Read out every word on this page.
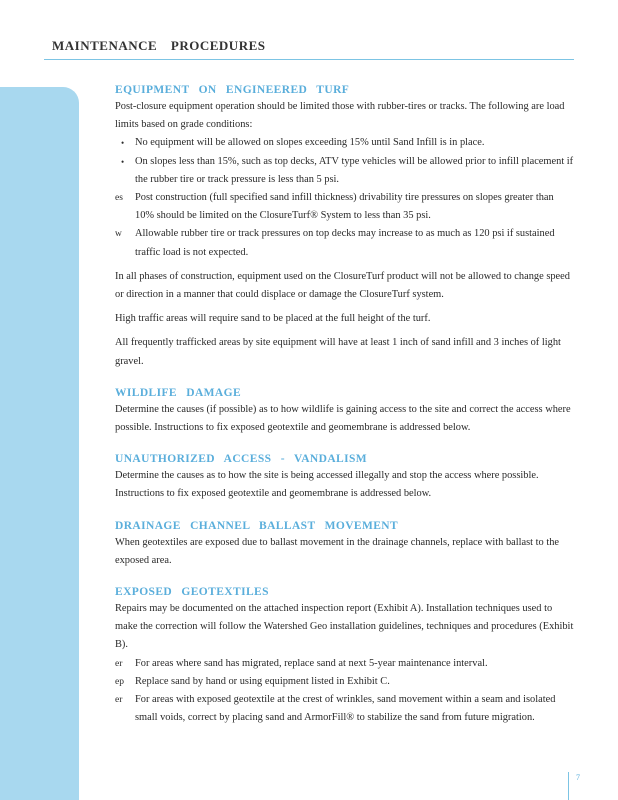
MAINTENANCE PROCEDURES
EQUIPMENT ON ENGINEERED TURF

Post-closure equipment operation should be limited those with rubber-tires or tracks. The following are load limits based on grade conditions:

• No equipment will be allowed on slopes exceeding 15% until Sand Infill is in place.
• On slopes less than 15%, such as top decks, ATV type vehicles will be allowed prior to infill placement if the rubber tire or track pressure is less than 5 psi.
es Post construction (full specified sand infill thickness) drivability tire pressures on slopes greater than 10% should be limited on the ClosureTurf® System to less than 35 psi.
w Allowable rubber tire or track pressures on top decks may increase to as much as 120 psi if sustained traffic load is not expected.

In all phases of construction, equipment used on the ClosureTurf product will not be allowed to change speed or direction in a manner that could displace or damage the ClosureTurf system.

High traffic areas will require sand to be placed at the full height of the turf.

All frequently trafficked areas by site equipment will have at least 1 inch of sand infill and 3 inches of light gravel.

WILDLIFE DAMAGE

Determine the causes (if possible) as to how wildlife is gaining access to the site and correct the access where possible. Instructions to fix exposed geotextile and geomembrane is addressed below.

UNAUTHORIZED ACCESS - VANDALISM

Determine the causes as to how the site is being accessed illegally and stop the access where possible. Instructions to fix exposed geotextile and geomembrane is addressed below.

DRAINAGE CHANNEL BALLAST MOVEMENT

When geotextiles are exposed due to ballast movement in the drainage channels, replace with ballast to the exposed area.

EXPOSED GEOTEXTILES

Repairs may be documented on the attached inspection report (Exhibit A). Installation techniques used to make the correction will follow the Watershed Geo installation guidelines, techniques and procedures (Exhibit B).

er For areas where sand has migrated, replace sand at next 5-year maintenance interval.
ep Replace sand by hand or using equipment listed in Exhibit C.
er For areas with exposed geotextile at the crest of wrinkles, sand movement within a seam and isolated small voids, correct by placing sand and ArmorFill® to stabilize the sand from future migration.
7
